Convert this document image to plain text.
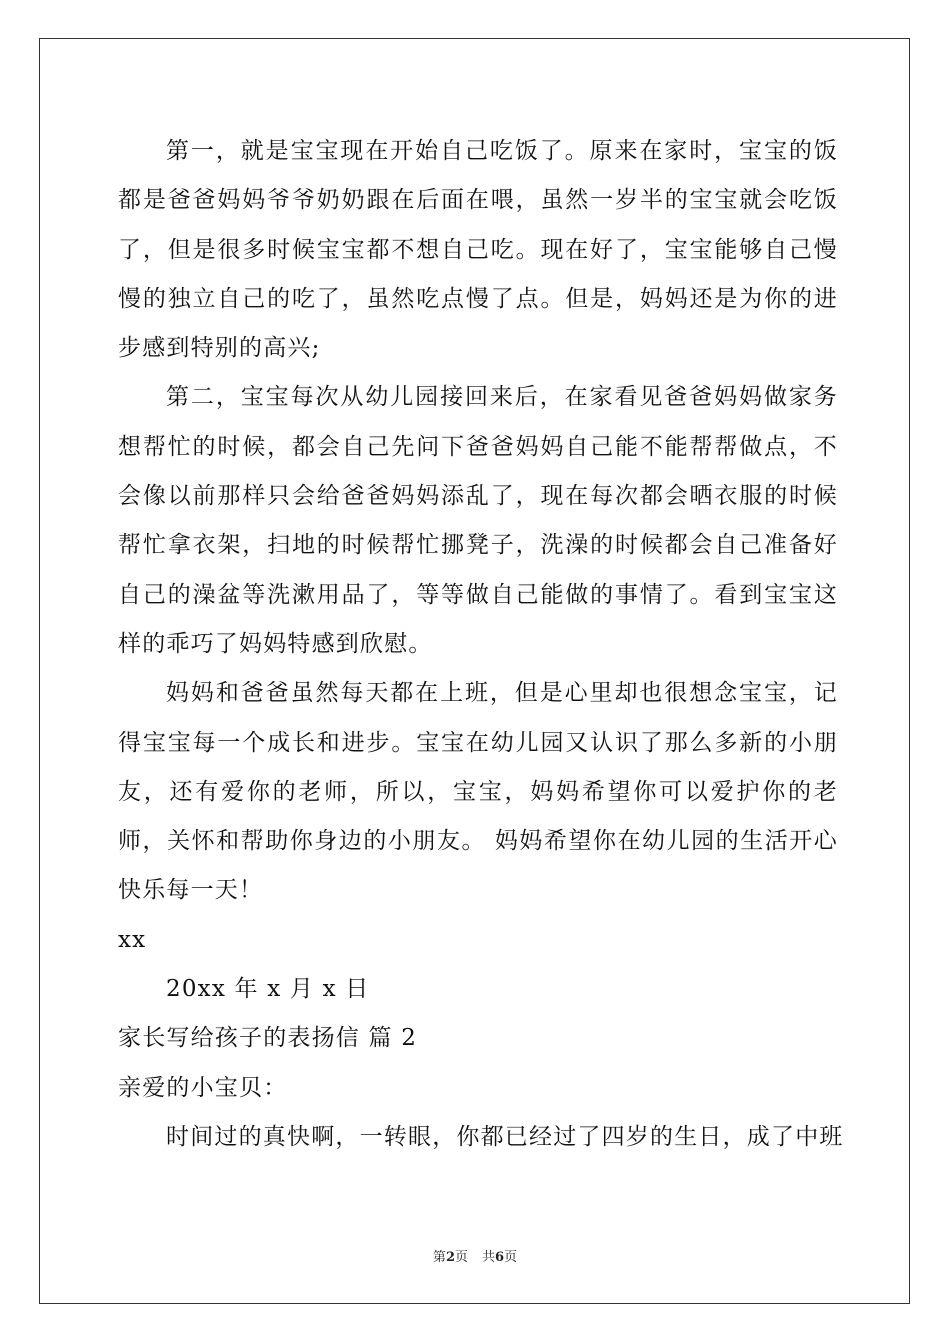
第一，就是宝宝现在开始自己吃饭了。原来在家时，宝宝的饭都是爸爸妈妈爷爷奶奶跟在后面在喂，虽然一岁半的宝宝就会吃饭了，但是很多时候宝宝都不想自己吃。现在好了，宝宝能够自己慢慢的独立自己的吃了，虽然吃点慢了点。但是，妈妈还是为你的进步感到特别的高兴;

第二，宝宝每次从幼儿园接回来后，在家看见爸爸妈妈做家务想帮忙的时候，都会自己先问下爸爸妈妈自己能不能帮帮做点，不会像以前那样只会给爸爸妈妈添乱了，现在每次都会晒衣服的时候帮忙拿衣架，扫地的时候帮忙挪凳子，洗澡的时候都会自己准备好自己的澡盆等洗漱用品了，等等做自己能做的事情了。看到宝宝这样的乖巧了妈妈特感到欣慰。

妈妈和爸爸虽然每天都在上班，但是心里却也很想念宝宝，记得宝宝每一个成长和进步。宝宝在幼儿园又认识了那么多新的小朋友，还有爱你的老师，所以，宝宝，妈妈希望你可以爱护你的老师，关怀和帮助你身边的小朋友。 妈妈希望你在幼儿园的生活开心快乐每一天！

xx

20xx 年 x 月 x 日

家长写给孩子的表扬信 篇 2

亲爱的小宝贝：

时间过的真快啊，一转眼，你都已经过了四岁的生日，成了中班

第2页 共6页
